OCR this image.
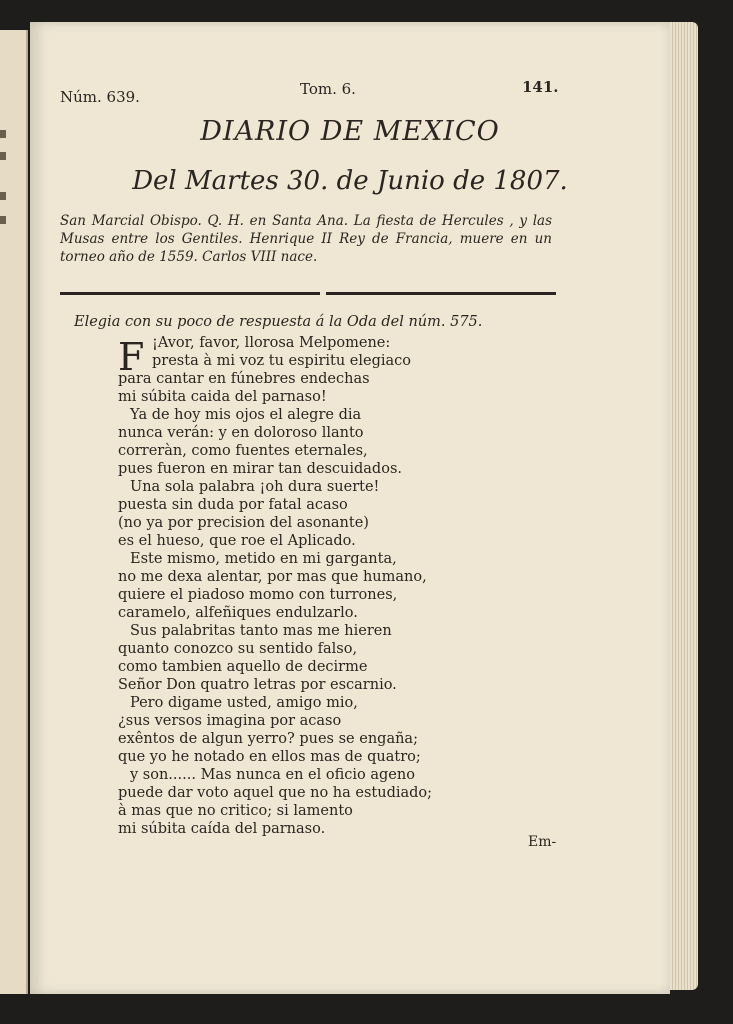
Núm. 639.	Tom. 6.	141.
DIARIO DE MEXICO
Del Martes 30. de Junio de 1807.
San Marcial Obispo. Q. H. en Santa Ana. La fiesta de Hercules , y las Musas entre los Gentiles. Henrique II Rey de Francia, muere en un torneo año de 1559. Carlos VIII nace.
Elegia con su poco de respuesta á la Oda del núm. 575.
F ¡Avor, favor, llorosa Melpomene:
presta à mi voz tu espiritu elegiaco
para cantar en fúnebres endechas
mi súbita caida del parnaso!
Ya de hoy mis ojos el alegre dia
nunca verán: y en doloroso llanto
correràn, como fuentes eternales,
pues fueron en mirar tan descuidados.
Una sola palabra ¡oh dura suerte!
puesta sin duda por fatal acaso
(no ya por precision del asonante)
es el hueso, que roe el Aplicado.
Este mismo, metido en mi garganta,
no me dexa alentar, por mas que humano,
quiere el piadoso momo con turrones,
caramelo, alfeñiques endulzarlo.
Sus palabritas tanto mas me hieren
quanto conozco su sentido falso,
como tambien aquello de decirme
Señor Don quatro letras por escarnio.
Pero digame usted, amigo mio,
¿sus versos imagina por acaso
exêntos de algun yerro? pues se engaña;
que yo he notado en ellos mas de quatro;
y son...... Mas nunca en el oficio ageno
puede dar voto aquel que no ha estudiado;
à mas que no critico; si lamento
mi súbita caída del parnaso.
Em-
